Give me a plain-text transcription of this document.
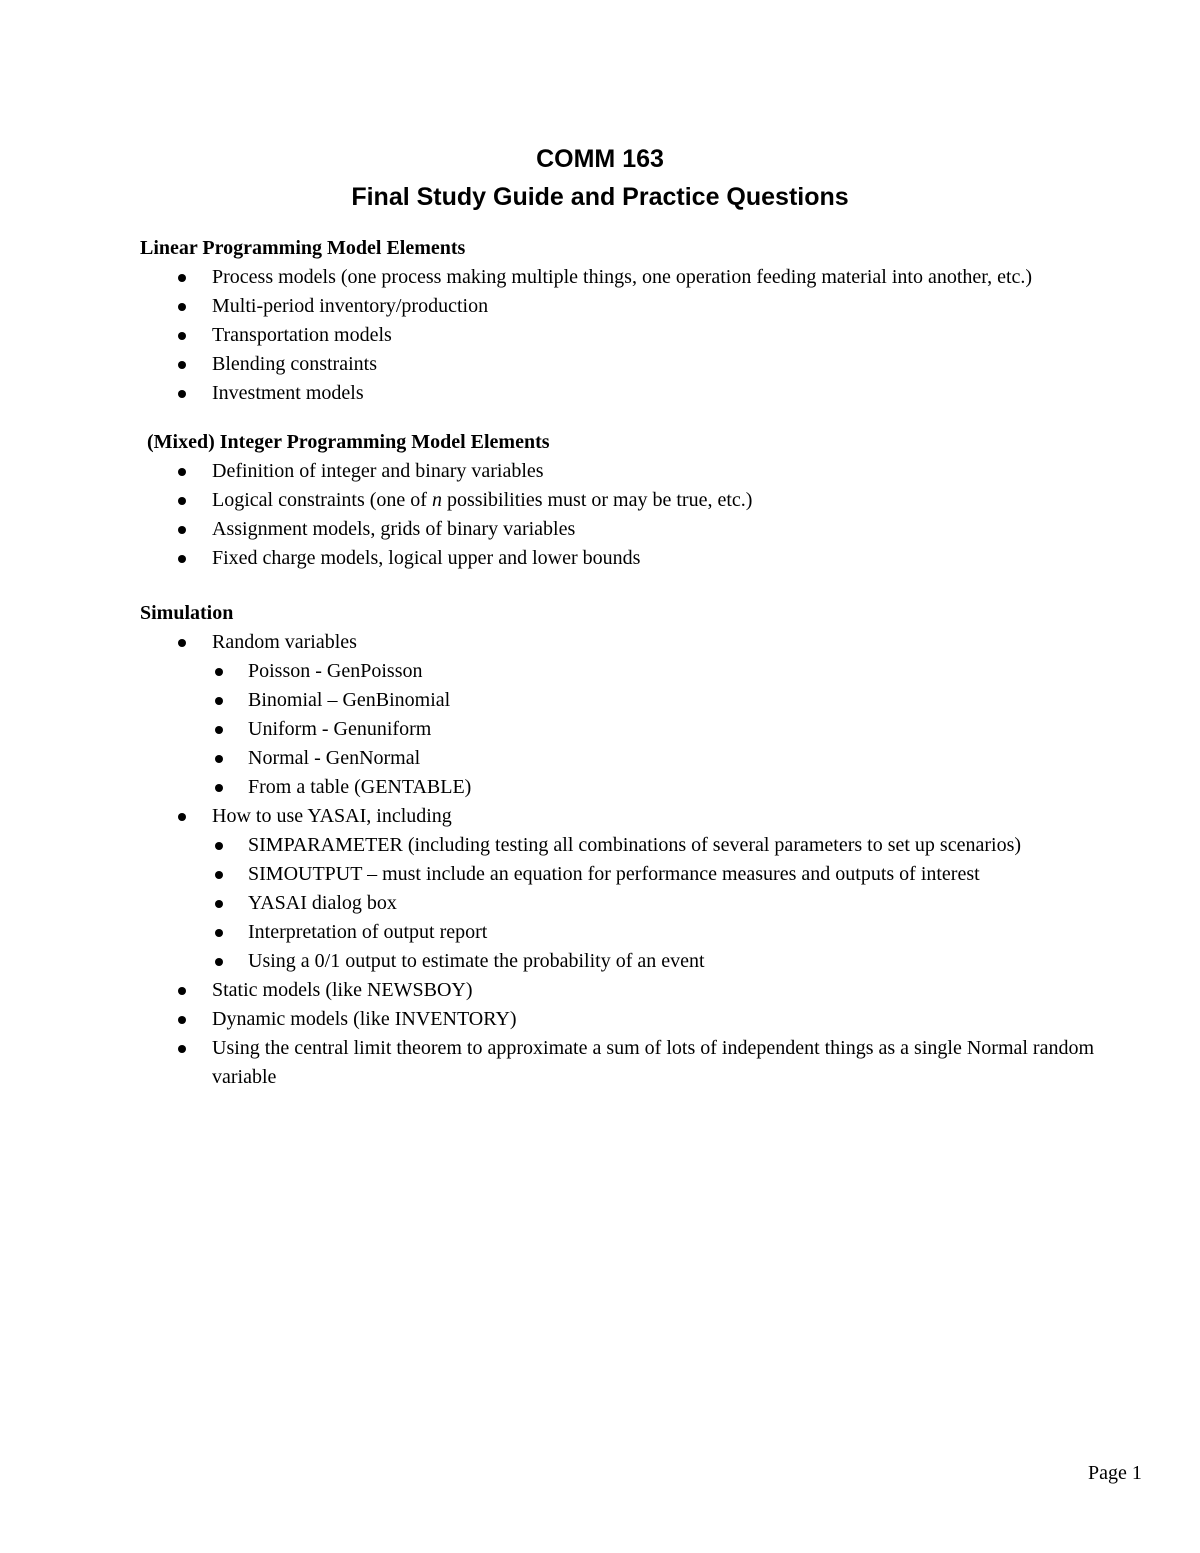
COMM 163
Final Study Guide and Practice Questions

Linear Programming Model Elements

Process models (one process making multiple things, one operation feeding material into another, etc.)
Multi-period inventory/production
Transportation models
Blending constraints
Investment models

(Mixed) Integer Programming Model Elements

Definition of integer and binary variables
Logical constraints (one of n possibilities must or may be true, etc.)
Assignment models, grids of binary variables
Fixed charge models, logical upper and lower bounds

Simulation

Random variables
Poisson - GenPoisson
Binomial – GenBinomial
Uniform - Genuniform
Normal - GenNormal
From a table (GENTABLE)
How to use YASAI, including
SIMPARAMETER (including testing all combinations of several parameters to set up scenarios)
SIMOUTPUT – must include an equation for performance measures and outputs of interest
YASAI dialog box
Interpretation of output report
Using a 0/1 output to estimate the probability of an event
Static models (like NEWSBOY)
Dynamic models (like INVENTORY)
Using the central limit theorem to approximate a sum of lots of independent things as a single Normal random variable
Page 1
